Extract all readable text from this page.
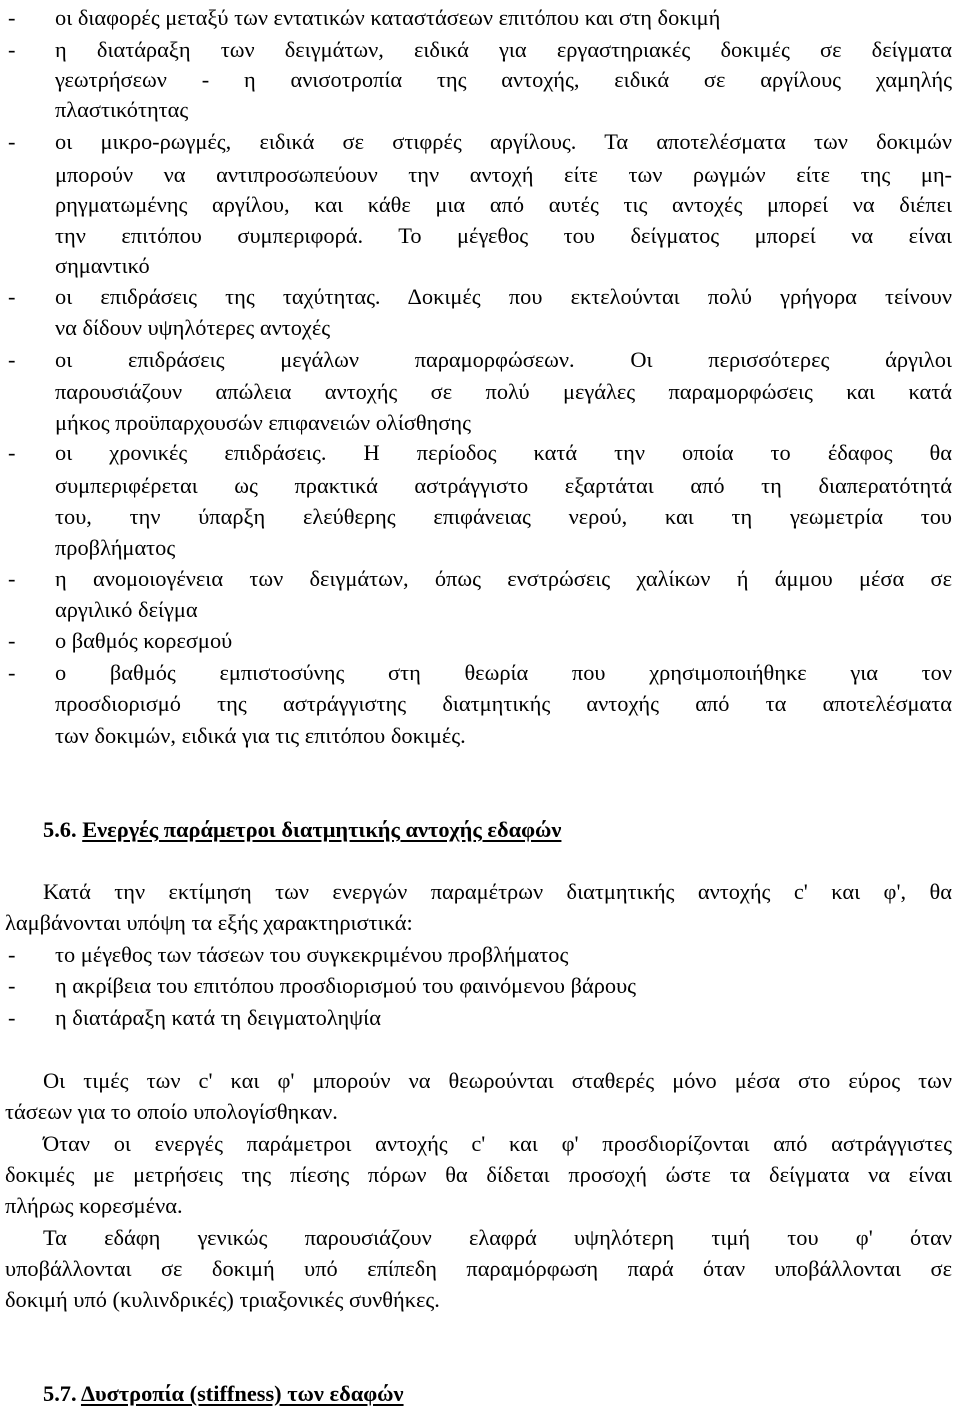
-	οι διαφορές μεταξύ των εντατικών καταστάσεων επιτόπου και στη δοκιμή
-	η διατάραξη των δειγμάτων, ειδικά για εργαστηριακές δοκιμές σε δείγματα
γεωτρήσεων - η ανισοτροπία της αντοχής, ειδικά σε αργίλους χαμηλής
πλαστικότητας
-	οι μικρο-ρωγμές, ειδικά σε στιφρές αργίλους. Τα αποτελέσματα των δοκιμών
μπορούν να αντιπροσωπεύουν την αντοχή είτε των ρωγμών είτε της μη-
ρηγματωμένης αργίλου, και κάθε μια από αυτές τις αντοχές μπορεί να διέπει
την επιτόπου συμπεριφορά. Το μέγεθος του δείγματος μπορεί να είναι
σημαντικό
-	οι επιδράσεις της ταχύτητας. Δοκιμές που εκτελούνται πολύ γρήγορα τείνουν
να δίδουν υψηλότερες αντοχές
-	οι επιδράσεις μεγάλων παραμορφώσεων. Οι περισσότερες άργιλοι
παρουσιάζουν απώλεια αντοχής σε πολύ μεγάλες παραμορφώσεις και κατά
μήκος προϋπαρχουσών επιφανειών ολίσθησης
-	οι χρονικές επιδράσεις. Η περίοδος κατά την οποία το έδαφος θα
συμπεριφέρεται ως πρακτικά αστράγγιστο εξαρτάται από τη διαπερατότητά
του, την ύπαρξη ελεύθερης επιφάνειας νερού, και τη γεωμετρία του
προβλήματος
-	η ανομοιογένεια των δειγμάτων, όπως ενστρώσεις χαλίκων ή άμμου μέσα σε
αργιλικό δείγμα
-	ο βαθμός κορεσμού
-	ο βαθμός εμπιστοσύνης στη θεωρία που χρησιμοποιήθηκε για τον
προσδιορισμό της αστράγγιστης διατμητικής αντοχής από τα αποτελέσματα
των δοκιμών, ειδικά για τις επιτόπου δοκιμές.
5.6. Ενεργές παράμετροι διατμητικής αντοχής εδαφών
Κατά την εκτίμηση των ενεργών παραμέτρων διατμητικής αντοχής c' και φ', θα
λαμβάνονται υπόψη τα εξής χαρακτηριστικά:
-	το μέγεθος των τάσεων του συγκεκριμένου προβλήματος
-	η ακρίβεια του επιτόπου προσδιορισμού του φαινόμενου βάρους
-	η διατάραξη κατά τη δειγματοληψία
Οι τιμές των c' και φ' μπορούν να θεωρούνται σταθερές μόνο μέσα στο εύρος των
τάσεων για το οποίο υπολογίσθηκαν.
Όταν οι ενεργές παράμετροι αντοχής c' και φ' προσδιορίζονται από αστράγγιστες
δοκιμές με μετρήσεις της πίεσης πόρων θα δίδεται προσοχή ώστε τα δείγματα να είναι
πλήρως κορεσμένα.
Τα εδάφη γενικώς παρουσιάζουν ελαφρά υψηλότερη τιμή του φ' όταν
υποβάλλονται σε δοκιμή υπό επίπεδη παραμόρφωση παρά όταν υποβάλλονται σε
δοκιμή υπό (κυλινδρικές) τριαξονικές συνθήκες.
5.7. Δυστροπία (stiffness) των εδαφών
